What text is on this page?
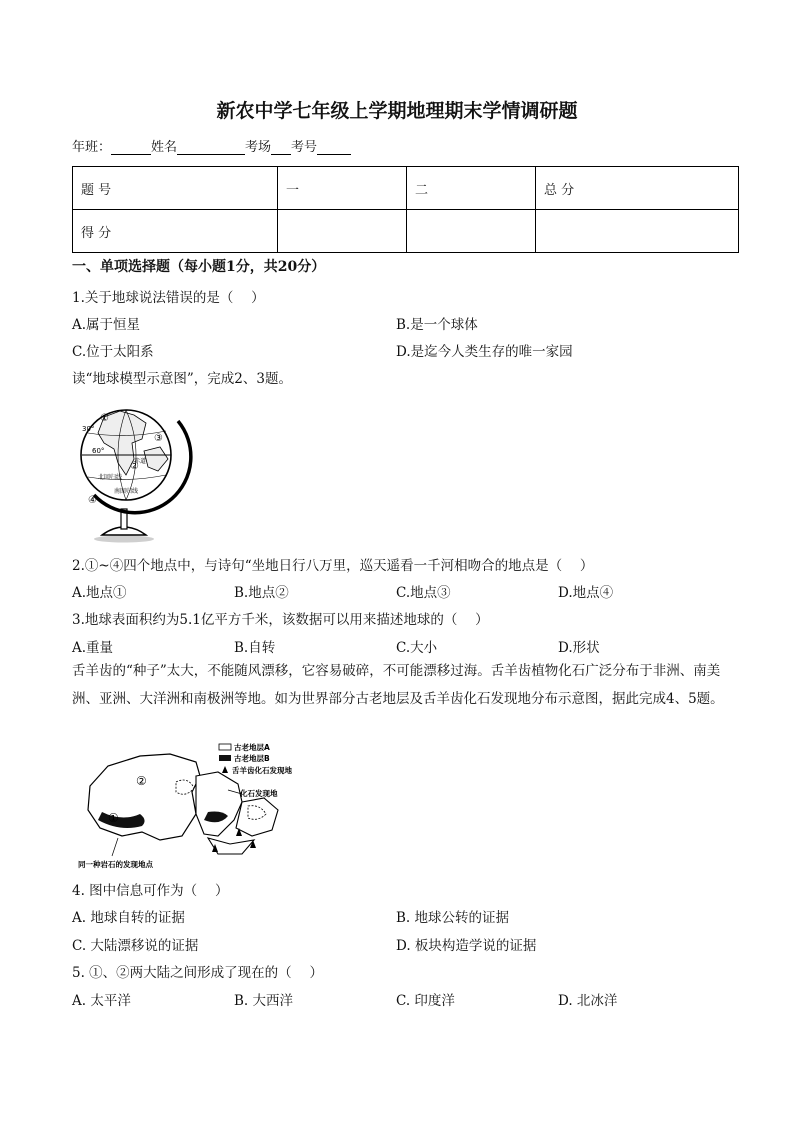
新农中学七年级上学期地理期末学情调研题
年班：	姓名	考场 考号
题 号	一	二	总 分
得 分			
一、单项选择题（每小题1分，共20分）
1.关于地球说法错误的是（　 ）
A.属于恒星	B.是一个球体
C.位于太阳系	D.是迄今人类生存的唯一家园
读“地球模型示意图”，完成2、3题。
30°
60°
赤道
③
②
①
④
北回归线
南回归线
2.①~④四个地点中，与诗句“坐地日行八万里，巡天遥看一千河相吻合的地点是（　 ）
A.地点①	B.地点②	C.地点③	D.地点④
3.地球表面积约为5.1亿平方千米，该数据可以用来描述地球的（　 ）
A.重量	B.自转	C.大小	D.形状
舌羊齿的“种子”太大，不能随风漂移，它容易破碎，不可能漂移过海。舌羊齿植物化石广泛分布于非洲、南美洲、亚洲、大洋洲和南极洲等地。如为世界部分古老地层及舌羊齿化石发现地分布示意图，据此完成4、5题。
①
②
古老地层A
古老地层B
舌羊齿化石发现地
化石发现地
同一种岩石的发现地点
4. 图中信息可作为（　 ）
A. 地球自转的证据	B. 地球公转的证据
C. 大陆漂移说的证据	D. 板块构造学说的证据
5. ①、②两大陆之间形成了现在的（　 ）
A. 太平洋	B. 大西洋	C. 印度洋	D. 北冰洋
